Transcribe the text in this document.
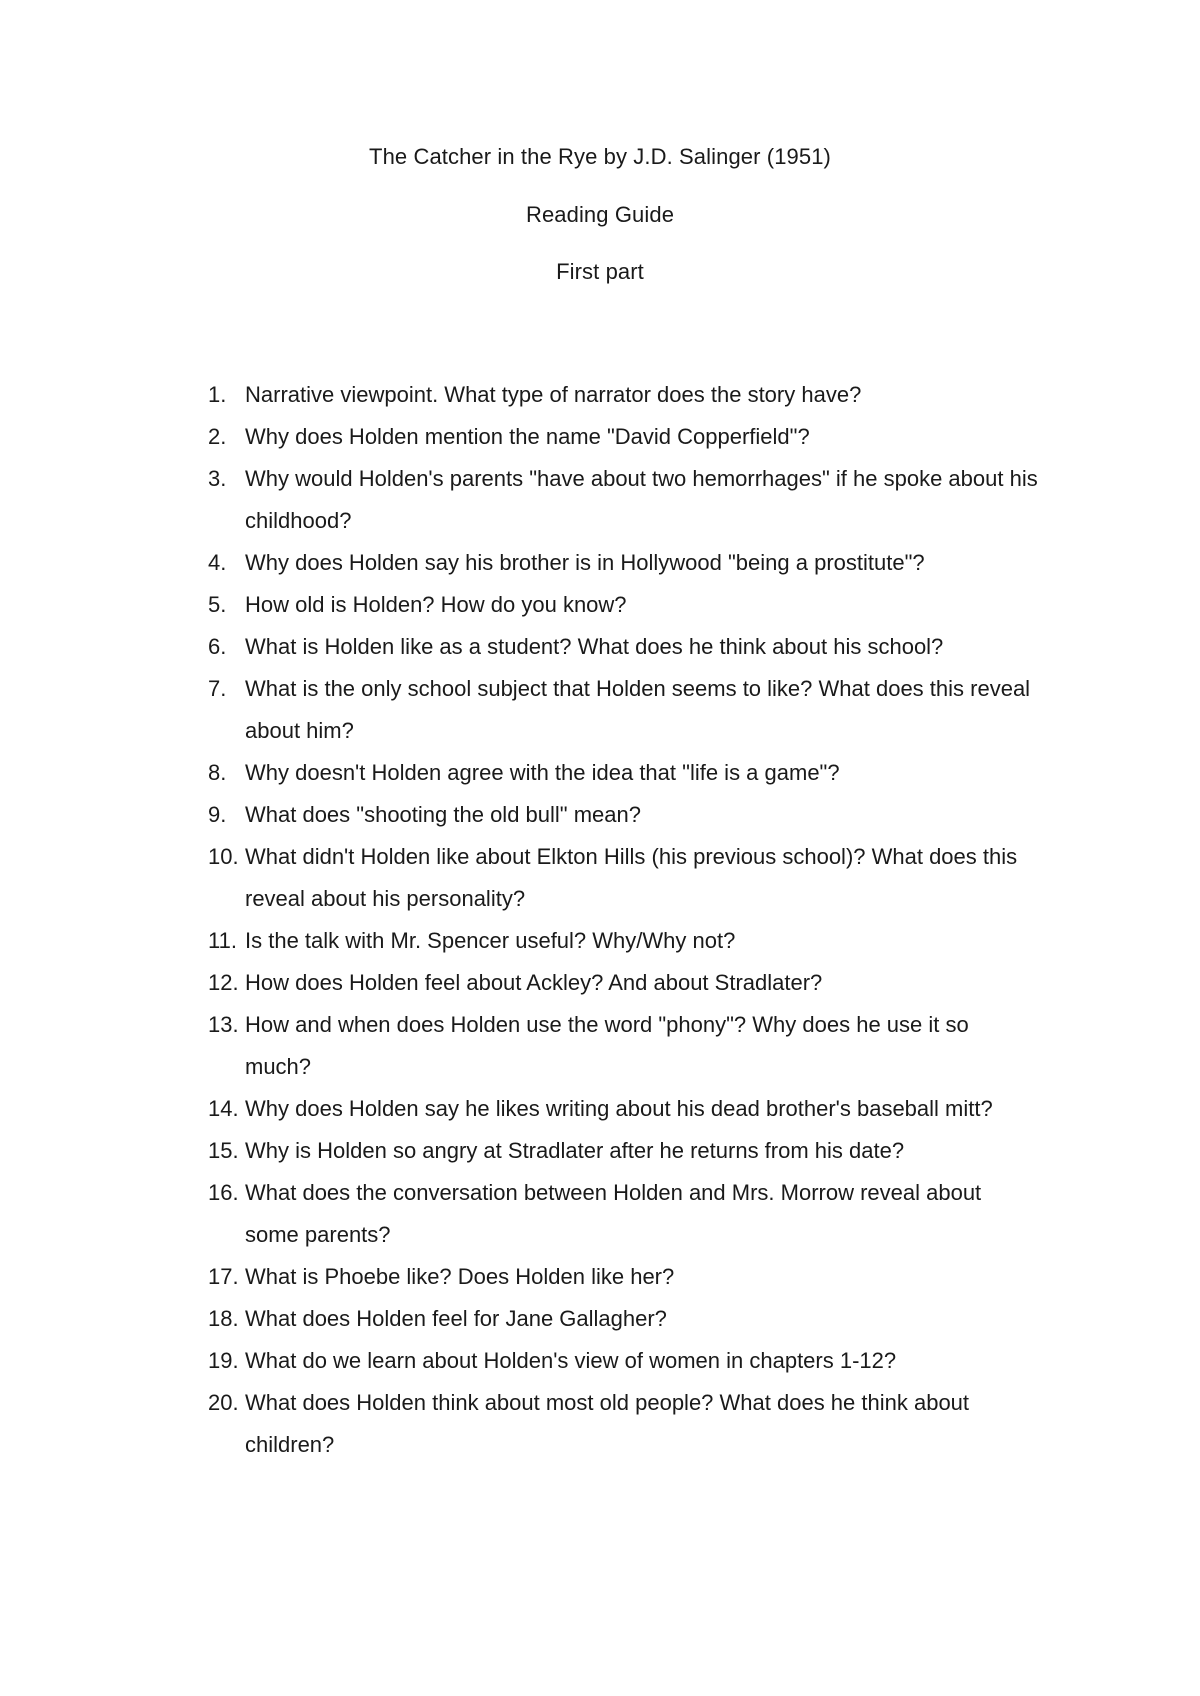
The Catcher in the Rye by J.D. Salinger (1951)
Reading Guide
First part
1. Narrative viewpoint. What type of narrator does the story have?
2. Why does Holden mention the name "David Copperfield"?
3. Why would Holden's parents "have about two hemorrhages" if he spoke about his childhood?
4. Why does Holden say his brother is in Hollywood "being a prostitute"?
5. How old is Holden? How do you know?
6. What is Holden like as a student? What does he think about his school?
7. What is the only school subject that Holden seems to like? What does this reveal about him?
8. Why doesn't Holden agree with the idea that "life is a game"?
9. What does "shooting the old bull" mean?
10. What didn't Holden like about Elkton Hills (his previous school)? What does this reveal about his personality?
11. Is the talk with Mr. Spencer useful? Why/Why not?
12. How does Holden feel about Ackley? And about Stradlater?
13. How and when does Holden use the word "phony"? Why does he use it so much?
14. Why does Holden say he likes writing about his dead brother's baseball mitt?
15. Why is Holden so angry at Stradlater after he returns from his date?
16. What does the conversation between Holden and Mrs. Morrow reveal about some parents?
17. What is Phoebe like? Does Holden like her?
18. What does Holden feel for Jane Gallagher?
19. What do we learn about Holden's view of women in chapters 1-12?
20. What does Holden think about most old people? What does he think about children?
